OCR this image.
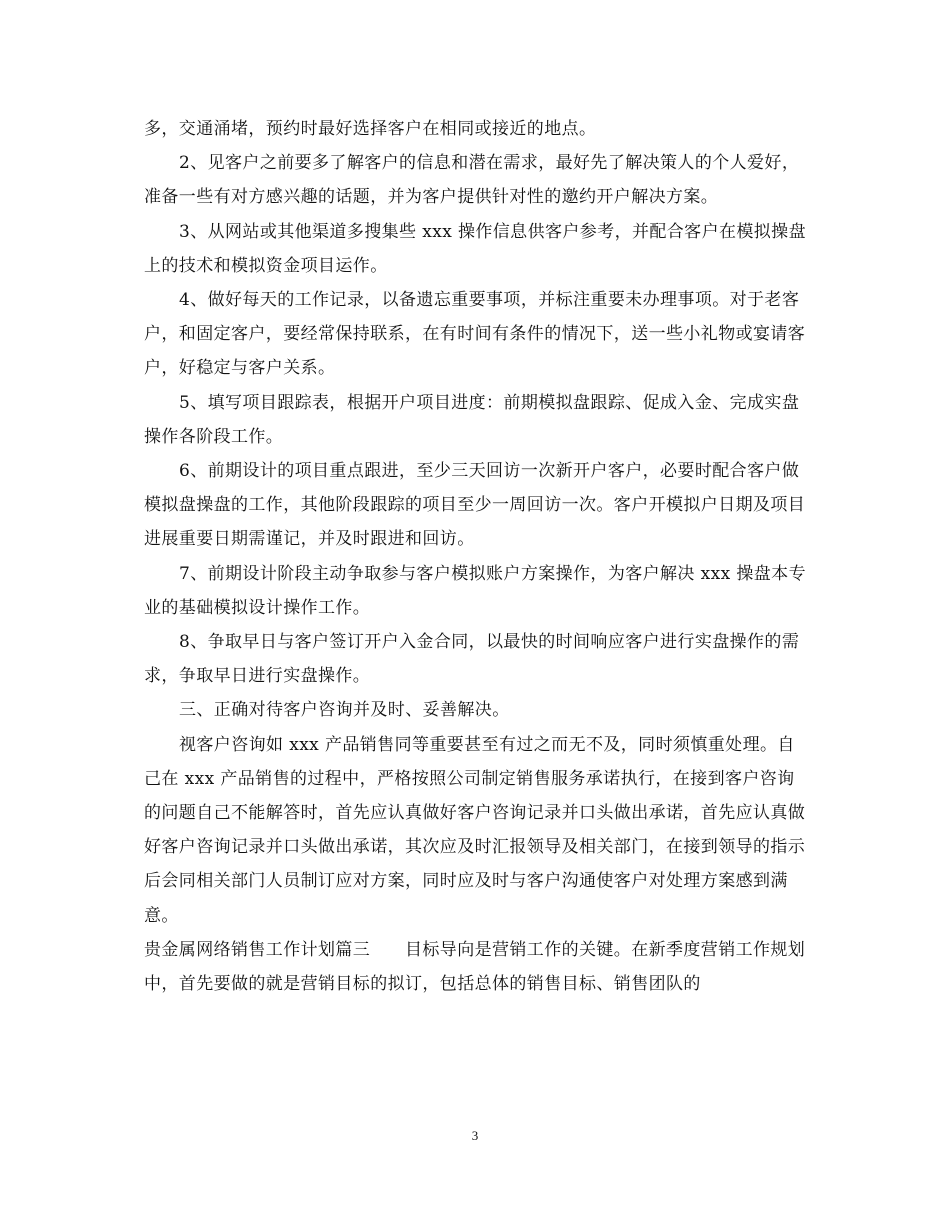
多，交通涌堵，预约时最好选择客户在相同或接近的地点。

2、见客户之前要多了解客户的信息和潜在需求，最好先了解决策人的个人爱好，准备一些有对方感兴趣的话题，并为客户提供针对性的邀约开户解决方案。

3、从网站或其他渠道多搜集些 xxx 操作信息供客户参考，并配合客户在模拟操盘上的技术和模拟资金项目运作。

4、做好每天的工作记录，以备遗忘重要事项，并标注重要未办理事项。对于老客户，和固定客户，要经常保持联系，在有时间有条件的情况下，送一些小礼物或宴请客户，好稳定与客户关系。

5、填写项目跟踪表，根据开户项目进度：前期模拟盘跟踪、促成入金、完成实盘操作各阶段工作。

6、前期设计的项目重点跟进，至少三天回访一次新开户客户，必要时配合客户做模拟盘操盘的工作，其他阶段跟踪的项目至少一周回访一次。客户开模拟户日期及项目进展重要日期需谨记，并及时跟进和回访。

7、前期设计阶段主动争取参与客户模拟账户方案操作，为客户解决 xxx 操盘本专业的基础模拟设计操作工作。

8、争取早日与客户签订开户入金合同，以最快的时间响应客户进行实盘操作的需求，争取早日进行实盘操作。

三、正确对待客户咨询并及时、妥善解决。

视客户咨询如 xxx 产品销售同等重要甚至有过之而无不及，同时须慎重处理。自己在 xxx 产品销售的过程中，严格按照公司制定销售服务承诺执行，在接到客户咨询的问题自己不能解答时，首先应认真做好客户咨询记录并口头做出承诺，首先应认真做好客户咨询记录并口头做出承诺，其次应及时汇报领导及相关部门，在接到领导的指示后会同相关部门人员制订应对方案，同时应及时与客户沟通使客户对处理方案感到满意。

贵金属网络销售工作计划篇三　　目标导向是营销工作的关键。在新季度营销工作规划中，首先要做的就是营销目标的拟订，包括总体的销售目标、销售团队的

3
